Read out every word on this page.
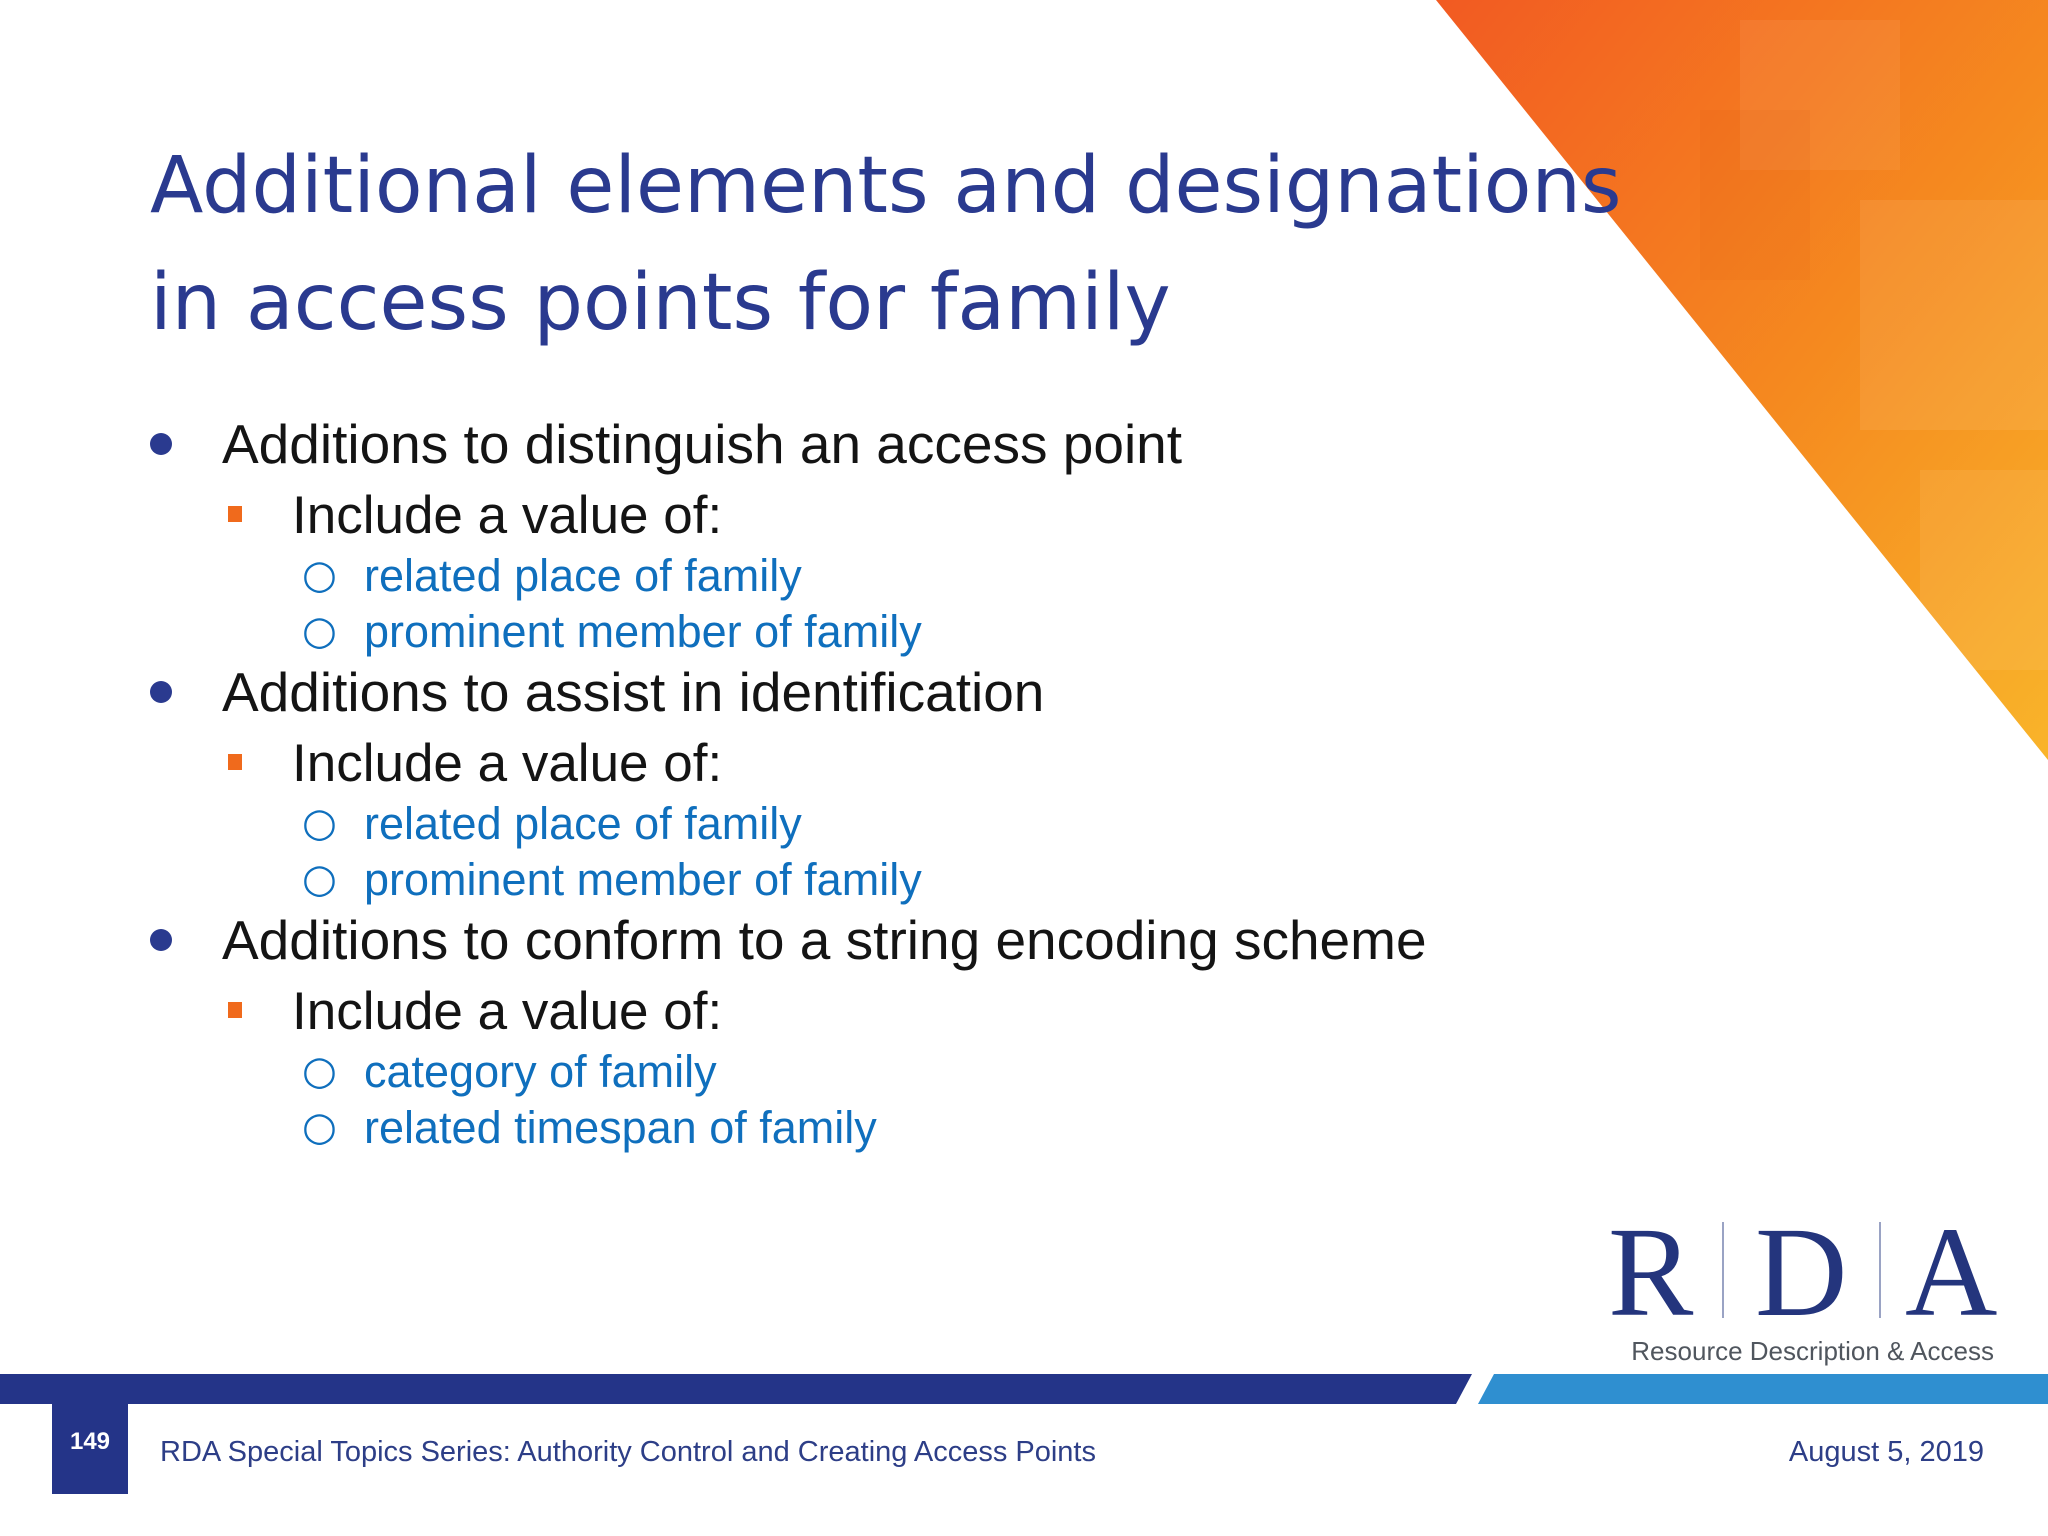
Additional elements and designations
in access points for family
Additions to distinguish an access point
Include a value of:
○ related place of family
○ prominent member of family
Additions to assist in identification
Include a value of:
○ related place of family
○ prominent member of family
Additions to conform to a string encoding scheme
Include a value of:
○ category of family
○ related timespan of family
R D A
Resource Description & Access
149	RDA Special Topics Series: Authority Control and Creating Access Points	August 5, 2019
